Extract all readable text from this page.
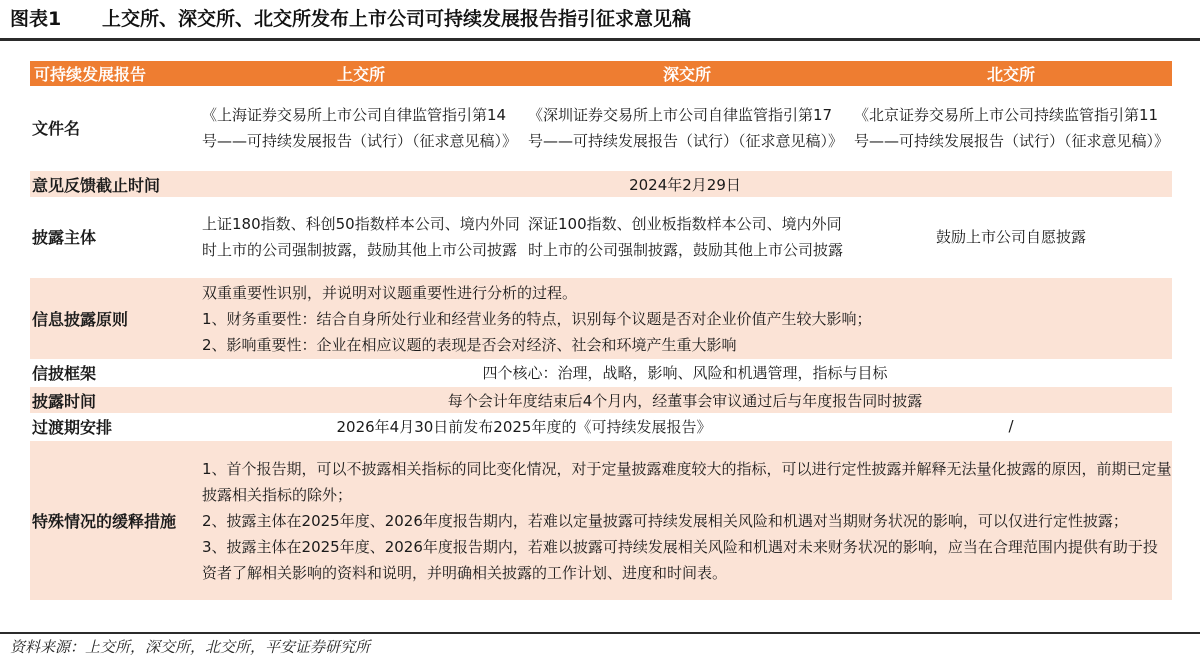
图表1 上交所、深交所、北交所发布上市公司可持续发展报告指引征求意见稿
可持续发展报告	上交所	深交所	北交所
文件名	《上海证券交易所上市公司自律监管指引第14号——可持续发展报告（试行）（征求意见稿）》	《深圳证券交易所上市公司自律监管指引第17号——可持续发展报告（试行）（征求意见稿）》	《北京证券交易所上市公司持续监管指引第11号——可持续发展报告（试行）（征求意见稿）》
意见反馈截止时间	2024年2月29日		
披露主体	上证180指数、科创50指数样本公司、境内外同时上市的公司强制披露，鼓励其他上市公司披露	深证100指数、创业板指数样本公司、境内外同时上市的公司强制披露，鼓励其他上市公司披露	鼓励上市公司自愿披露
信息披露原则	双重重要性识别，并说明对议题重要性进行分析的过程。
1、财务重要性：结合自身所处行业和经营业务的特点，识别每个议题是否对企业价值产生较大影响；
2、影响重要性：企业在相应议题的表现是否会对经济、社会和环境产生重大影响		

信披框架	四个核心：治理，战略，影响、风险和机遇管理，指标与目标		
披露时间	每个会计年度结束后4个月内，经董事会审议通过后与年度报告同时披露		
过渡期安排	2026年4月30日前发布2025年度的《可持续发展报告》		/
特殊情况的缓释措施	1、首个报告期，可以不披露相关指标的同比变化情况，对于定量披露难度较大的指标，可以进行定性披露并解释无法量化披露的原因，前期已定量披露相关指标的除外；
2、披露主体在2025年度、2026年度报告期内，若难以定量披露可持续发展相关风险和机遇对当期财务状况的影响，可以仅进行定性披露；
3、披露主体在2025年度、2026年度报告期内，若难以披露可持续发展相关风险和机遇对未来财务状况的影响，应当在合理范围内提供有助于投资者了解相关影响的资料和说明，并明确相关披露的工作计划、进度和时间表。		
资料来源：上交所，深交所，北交所，平安证券研究所
